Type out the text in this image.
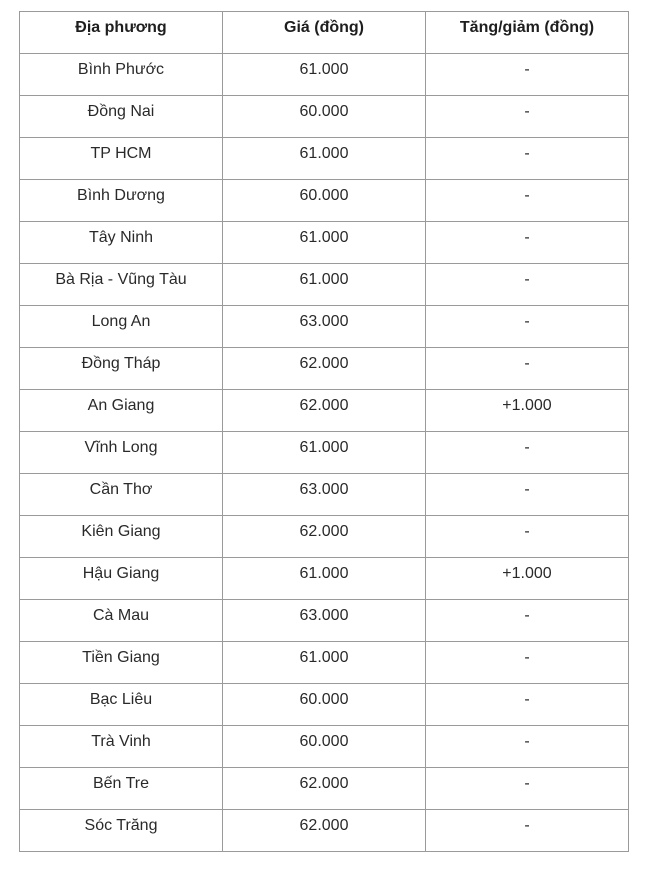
Địa phương	Giá (đồng)	Tăng/giảm (đồng)

Bình Phước	61.000	-

Đồng Nai	60.000	-

TP HCM	61.000	-

Bình Dương	60.000	-

Tây Ninh	61.000	-

Bà Rịa - Vũng Tàu	61.000	-

Long An	63.000	-

Đồng Tháp	62.000	-

An Giang	62.000	+1.000

Vĩnh Long	61.000	-

Cần Thơ	63.000	-

Kiên Giang	62.000	-

Hậu Giang	61.000	+1.000

Cà Mau	63.000	-

Tiền Giang	61.000	-

Bạc Liêu	60.000	-

Trà Vinh	60.000	-

Bến Tre	62.000	-

Sóc Trăng	62.000	-
